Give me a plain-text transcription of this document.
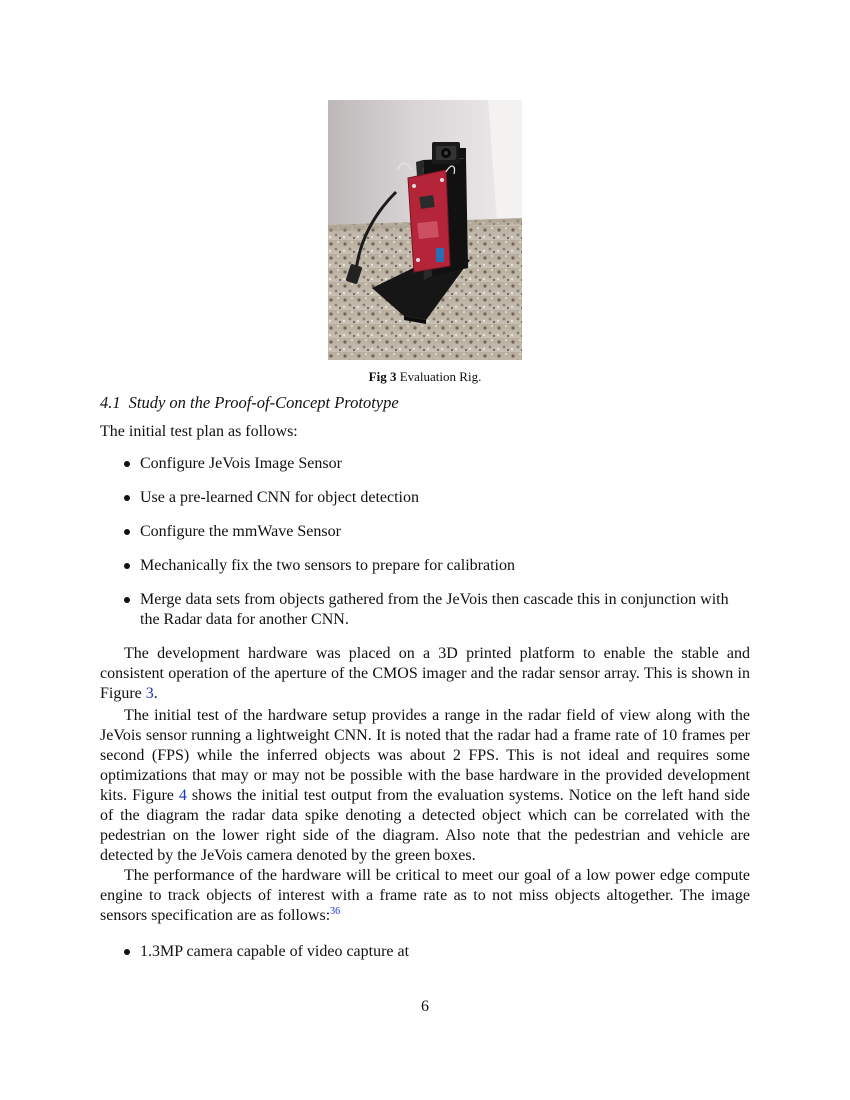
Fig 3 Evaluation Rig.
4.1 Study on the Proof-of-Concept Prototype
The initial test plan as follows:
Configure JeVois Image Sensor
Use a pre-learned CNN for object detection
Configure the mmWave Sensor
Mechanically fix the two sensors to prepare for calibration
Merge data sets from objects gathered from the JeVois then cascade this in conjunction with the Radar data for another CNN.

The development hardware was placed on a 3D printed platform to enable the stable and consistent operation of the aperture of the CMOS imager and the radar sensor array. This is shown in Figure 3.

The initial test of the hardware setup provides a range in the radar field of view along with the JeVois sensor running a lightweight CNN. It is noted that the radar had a frame rate of 10 frames per second (FPS) while the inferred objects was about 2 FPS. This is not ideal and requires some optimizations that may or may not be possible with the base hardware in the provided development kits. Figure 4 shows the initial test output from the evaluation systems. Notice on the left hand side of the diagram the radar data spike denoting a detected object which can be correlated with the pedestrian on the lower right side of the diagram. Also note that the pedestrian and vehicle are detected by the JeVois camera denoted by the green boxes.

The performance of the hardware will be critical to meet our goal of a low power edge compute engine to track objects of interest with a frame rate as to not miss objects altogether. The image sensors specification are as follows:$^{36}$

1.3MP camera capable of video capture at
6
